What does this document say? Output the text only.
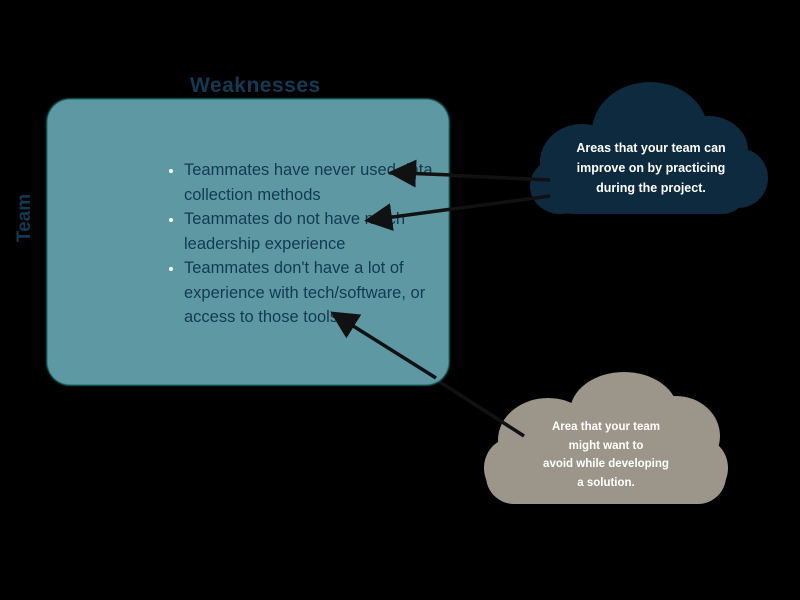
Weaknesses
Team
• Teammates have never used data collection methods
• Teammates do not have much leadership experience
• Teammates don't have a lot of experience with tech/software, or access to those tools
Areas that your team can
improve on by practicing
during the project.
Area that your team
might want to
avoid while developing
a solution.
